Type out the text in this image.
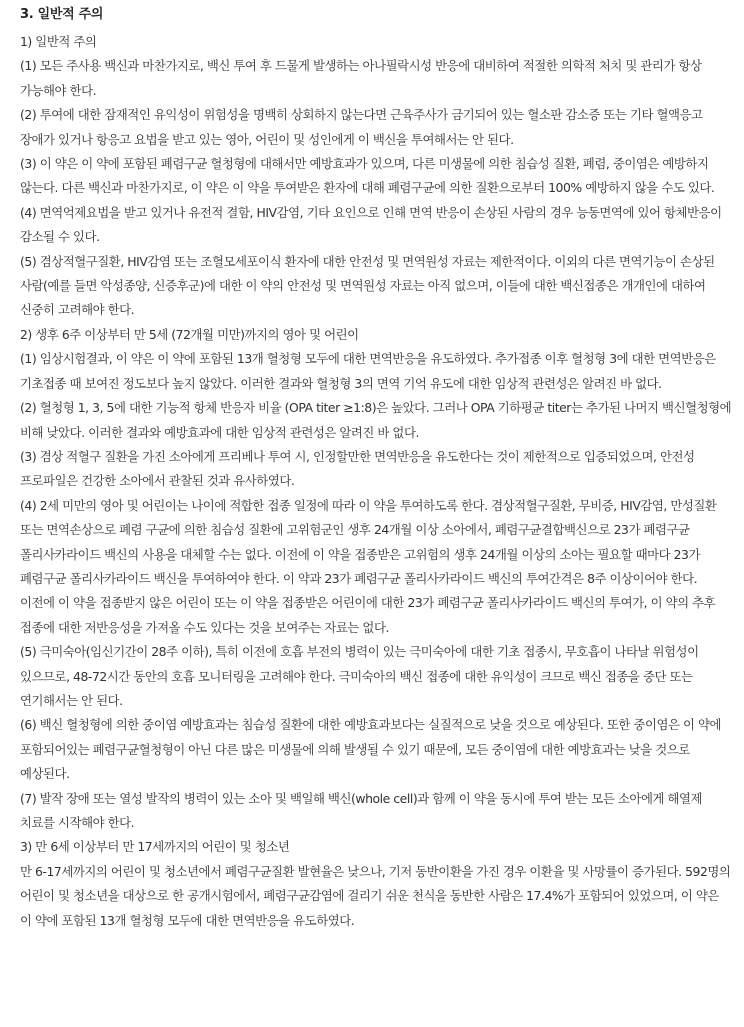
3. 일반적 주의
1) 일반적 주의
(1) 모든 주사용 백신과 마찬가지로, 백신 투여 후 드물게 발생하는 아나필락시성 반응에 대비하여 적절한 의학적 처치 및 관리가 항상 가능해야 한다.
(2) 투여에 대한 잠재적인 유익성이 위험성을 명백히 상회하지 않는다면 근육주사가 금기되어 있는 혈소판 감소증 또는 기타 혈액응고 장애가 있거나 항응고 요법을 받고 있는 영아, 어린이 및 성인에게 이 백신을 투여해서는 안 된다.
(3) 이 약은 이 약에 포함된 폐렴구균 혈청형에 대해서만 예방효과가 있으며, 다른 미생물에 의한 침습성 질환, 폐렴, 중이염은 예방하지 않는다. 다른 백신과 마찬가지로, 이 약은 이 약을 투여받은 환자에 대해 폐렴구균에 의한 질환으로부터 100% 예방하지 않을 수도 있다.
(4) 면역억제요법을 받고 있거나 유전적 결함, HIV감염, 기타 요인으로 인해 면역 반응이 손상된 사람의 경우 능동면역에 있어 항체반응이 감소될 수 있다.
(5) 겸상적혈구질환, HIV감염 또는 조혈모세포이식 환자에 대한 안전성 및 면역원성 자료는 제한적이다. 이외의 다른 면역기능이 손상된 사람(예를 들면 악성종양, 신증후군)에 대한 이 약의 안전성 및 면역원성 자료는 아직 없으며, 이들에 대한 백신접종은 개개인에 대하여 신중히 고려해야 한다.
2) 생후 6주 이상부터 만 5세 (72개월 미만)까지의 영아 및 어린이
(1) 임상시험결과, 이 약은 이 약에 포함된 13개 혈청형 모두에 대한 면역반응을 유도하였다. 추가접종 이후 혈청형 3에 대한 면역반응은 기초접종 때 보여진 정도보다 높지 않았다. 이러한 결과와 혈청형 3의 면역 기억 유도에 대한 임상적 관련성은 알려진 바 없다.
(2) 혈청형 1, 3, 5에 대한 기능적 항체 반응자 비율 (OPA titer ≥1:8)은 높았다. 그러나 OPA 기하평균 titer는 추가된 나머지 백신혈청형에 비해 낮았다. 이러한 결과와 예방효과에 대한 임상적 관련성은 알려진 바 없다.
(3) 겸상 적혈구 질환을 가진 소아에게 프리베나 투여 시, 인정할만한 면역반응을 유도한다는 것이 제한적으로 입증되었으며, 안전성 프로파일은 건강한 소아에서 관찰된 것과 유사하였다.
(4) 2세 미만의 영아 및 어린이는 나이에 적합한 접종 일정에 따라 이 약을 투여하도록 한다. 겸상적혈구질환, 무비증, HIV감염, 만성질환 또는 면역손상으로 폐렴 구균에 의한 침습성 질환에 고위험군인 생후 24개월 이상 소아에서, 폐렴구균결합백신으로 23가 폐렴구균 폴리사카라이드 백신의 사용을 대체할 수는 없다. 이전에 이 약을 접종받은 고위험의 생후 24개월 이상의 소아는 필요할 때마다 23가 폐렴구균 폴리사카라이드 백신을 투여하여야 한다. 이 약과 23가 폐렴구균 폴리사카라이드 백신의 투여간격은 8주 이상이어야 한다. 이전에 이 약을 접종받지 않은 어린이 또는 이 약을 접종받은 어린이에 대한 23가 폐렴구균 폴리사카라이드 백신의 투여가, 이 약의 추후 접종에 대한 저반응성을 가져올 수도 있다는 것을 보여주는 자료는 없다.
(5) 극미숙아(임신기간이 28주 이하), 특히 이전에 호흡 부전의 병력이 있는 극미숙아에 대한 기초 접종시, 무호흡이 나타날 위험성이 있으므로, 48-72시간 동안의 호흡 모니터링을 고려해야 한다. 극미숙아의 백신 접종에 대한 유익성이 크므로 백신 접종을 중단 또는 연기해서는 안 된다.
(6) 백신 혈청형에 의한 중이염 예방효과는 침습성 질환에 대한 예방효과보다는 실질적으로 낮을 것으로 예상된다. 또한 중이염은 이 약에 포함되어있는 폐렴구균혈청형이 아닌 다른 많은 미생물에 의해 발생될 수 있기 때문에, 모든 중이염에 대한 예방효과는 낮을 것으로 예상된다.
(7) 발작 장애 또는 열성 발작의 병력이 있는 소아 및 백일해 백신(whole cell)과 함께 이 약을 동시에 투여 받는 모든 소아에게 해열제 치료를 시작해야 한다.
3) 만 6세 이상부터 만 17세까지의 어린이 및 청소년
만 6-17세까지의 어린이 및 청소년에서 폐렴구균질환 발현율은 낮으나, 기저 동반이환을 가진 경우 이환율 및 사망률이 증가된다. 592명의 어린이 및 청소년을 대상으로 한 공개시험에서, 폐렴구균감염에 걸리기 쉬운 천식을 동반한 사람은 17.4%가 포함되어 있었으며, 이 약은 이 약에 포함된 13개 혈청형 모두에 대한 면역반응을 유도하였다.
